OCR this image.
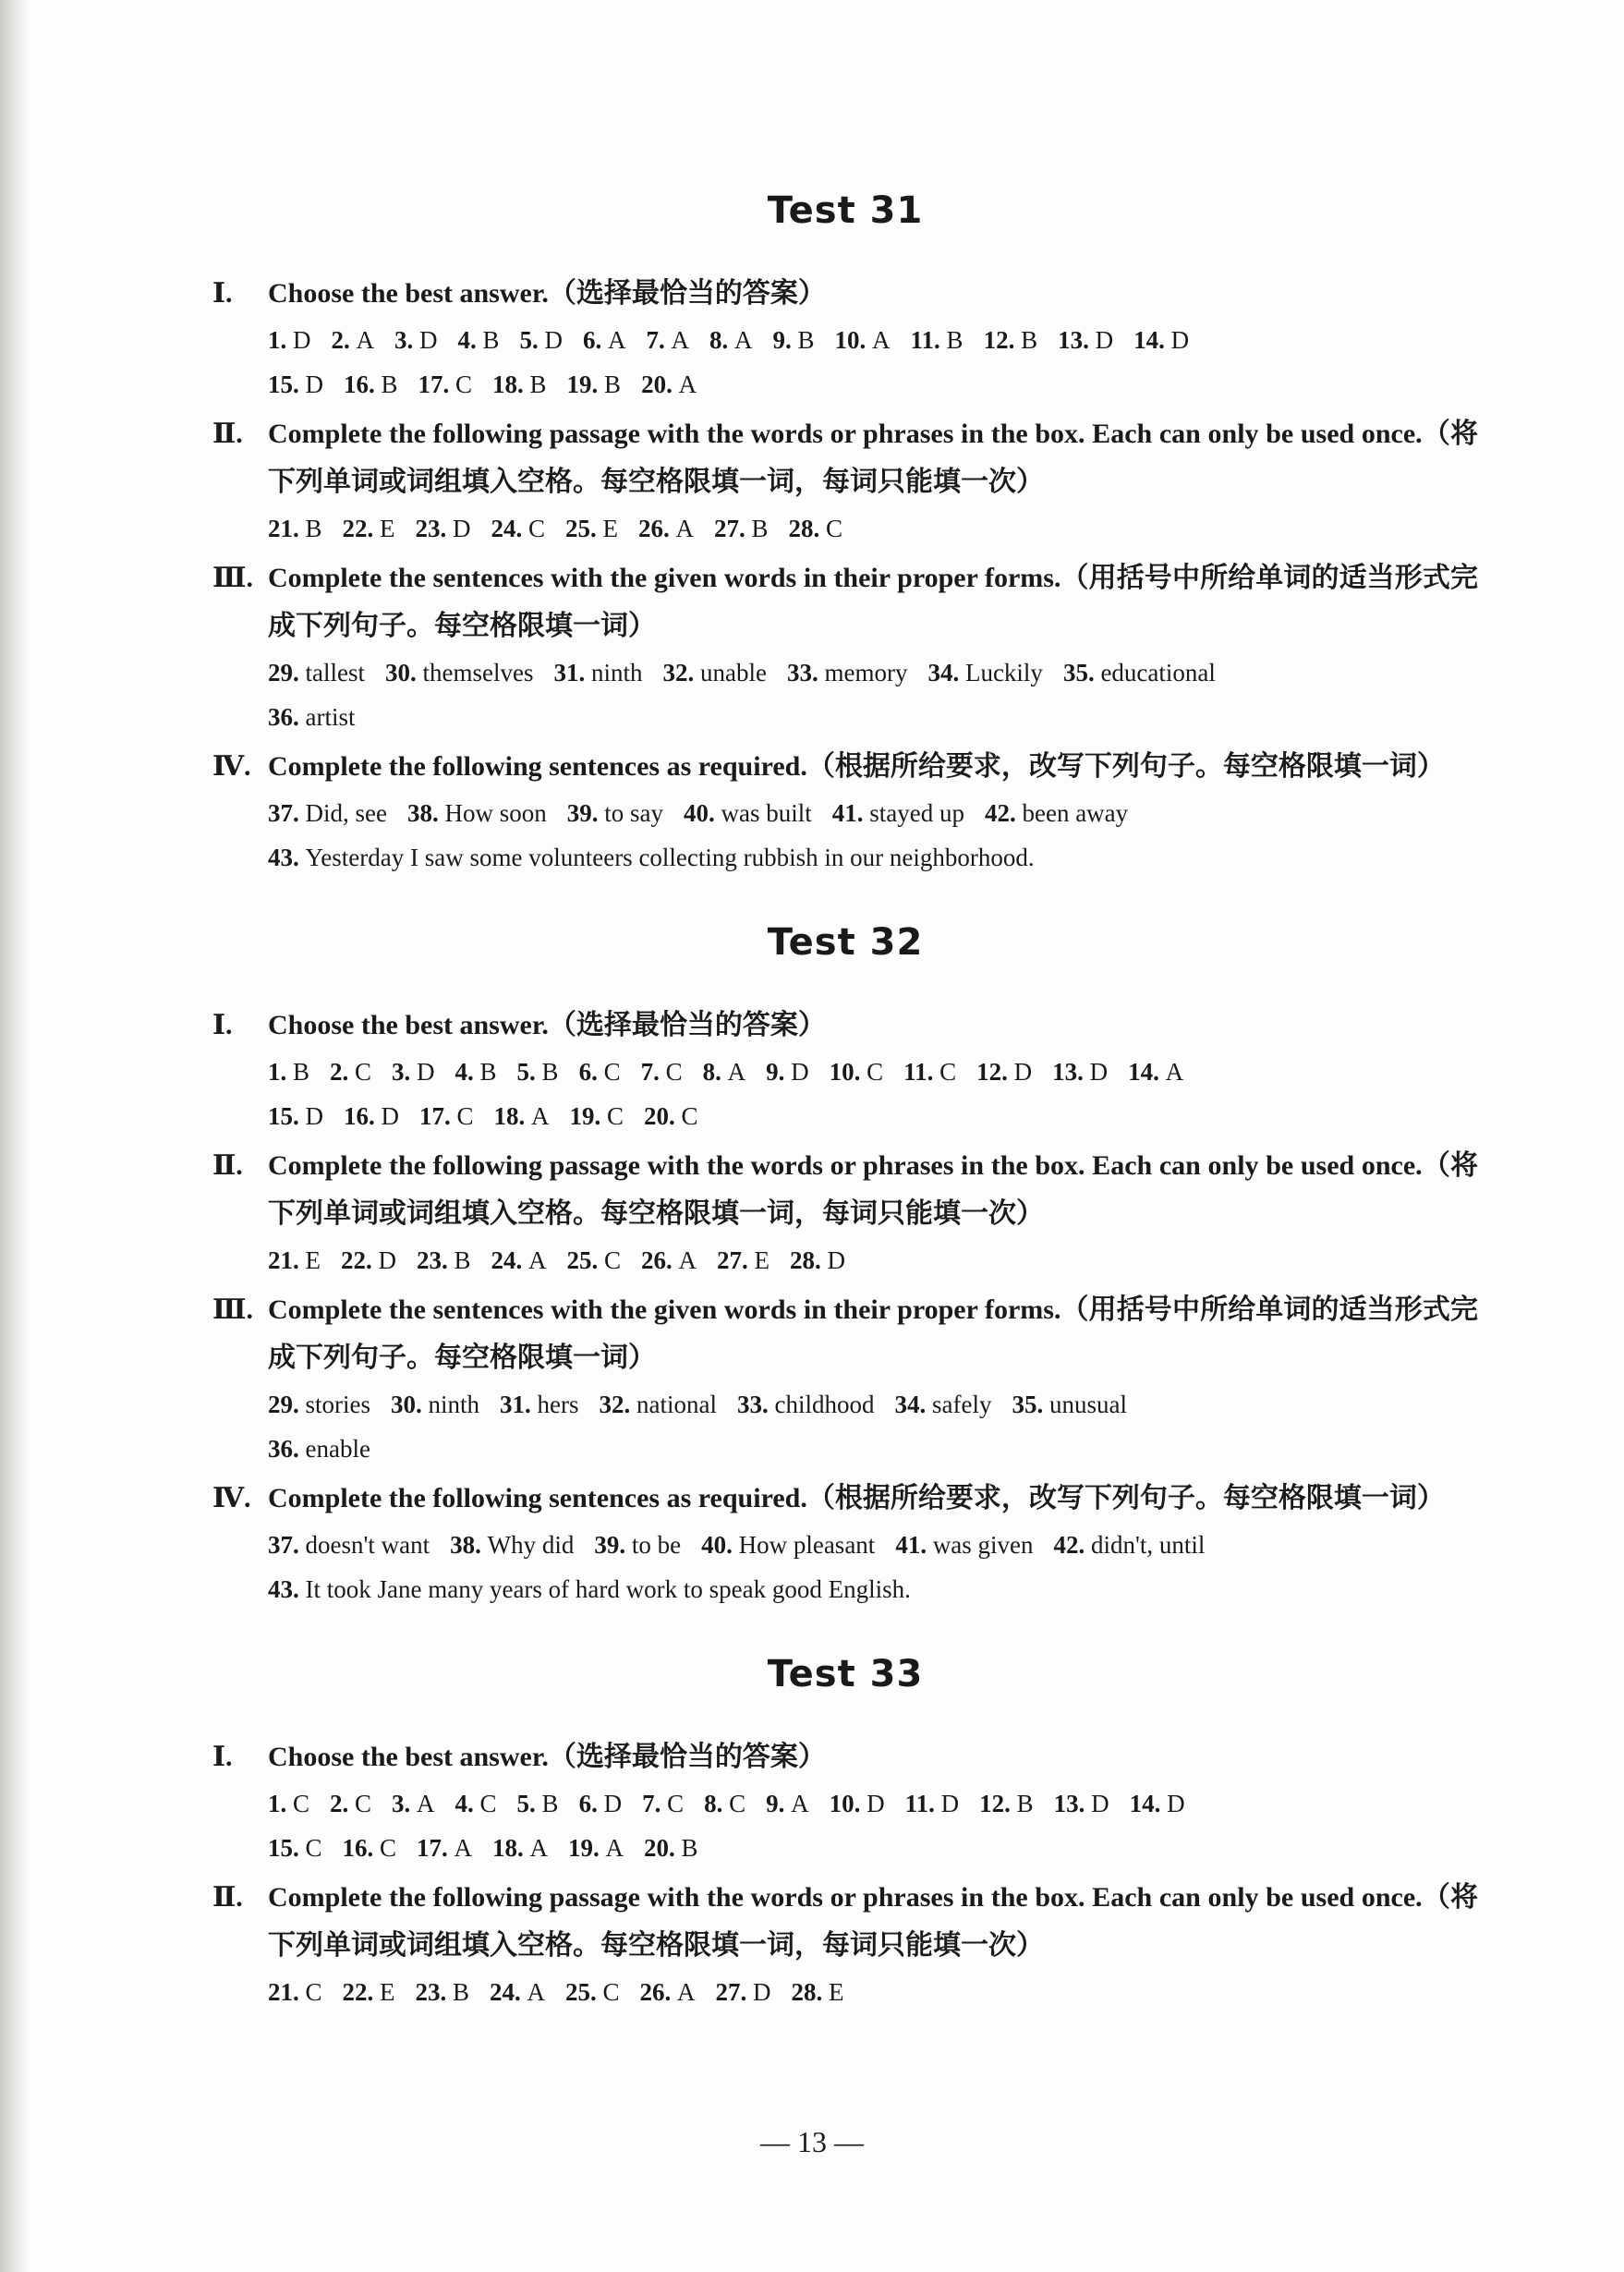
Test 31
Ⅰ.	Choose the best answer.（选择最恰当的答案）
1. D 2. A 3. D 4. B 5. D 6. A 7. A 8. A 9. B 10. A 11. B 12. B 13. D 14. D
15. D 16. B 17. C 18. B 19. B 20. A
Ⅱ. Complete the following passage with the words or phrases in the box. Each can only be used once.（将下列单词或词组填入空格。每空格限填一词，每词只能填一次）
21. B 22. E 23. D 24. C 25. E 26. A 27. B 28. C
Ⅲ. Complete the sentences with the given words in their proper forms.（用括号中所给单词的适当形式完成下列句子。每空格限填一词）
29. tallest 30. themselves 31. ninth 32. unable 33. memory 34. Luckily 35. educational
36. artist
Ⅳ. Complete the following sentences as required.（根据所给要求，改写下列句子。每空格限填一词）
37. Did, see 38. How soon 39. to say 40. was built 41. stayed up 42. been away
43. Yesterday I saw some volunteers collecting rubbish in our neighborhood.
Test 32
Ⅰ.	Choose the best answer.（选择最恰当的答案）
1. B 2. C 3. D 4. B 5. B 6. C 7. C 8. A 9. D 10. C 11. C 12. D 13. D 14. A
15. D 16. D 17. C 18. A 19. C 20. C
Ⅱ. Complete the following passage with the words or phrases in the box. Each can only be used once.（将下列单词或词组填入空格。每空格限填一词，每词只能填一次）
21. E 22. D 23. B 24. A 25. C 26. A 27. E 28. D
Ⅲ. Complete the sentences with the given words in their proper forms.（用括号中所给单词的适当形式完成下列句子。每空格限填一词）
29. stories 30. ninth 31. hers 32. national 33. childhood 34. safely 35. unusual
36. enable
Ⅳ. Complete the following sentences as required.（根据所给要求，改写下列句子。每空格限填一词）
37. doesn't want 38. Why did 39. to be 40. How pleasant 41. was given 42. didn't, until
43. It took Jane many years of hard work to speak good English.
Test 33
Ⅰ.	Choose the best answer.（选择最恰当的答案）
1. C 2. C 3. A 4. C 5. B 6. D 7. C 8. C 9. A 10. D 11. D 12. B 13. D 14. D
15. C 16. C 17. A 18. A 19. A 20. B
Ⅱ. Complete the following passage with the words or phrases in the box. Each can only be used once.（将下列单词或词组填入空格。每空格限填一词，每词只能填一次）
21. C 22. E 23. B 24. A 25. C 26. A 27. D 28. E
— 13 —
